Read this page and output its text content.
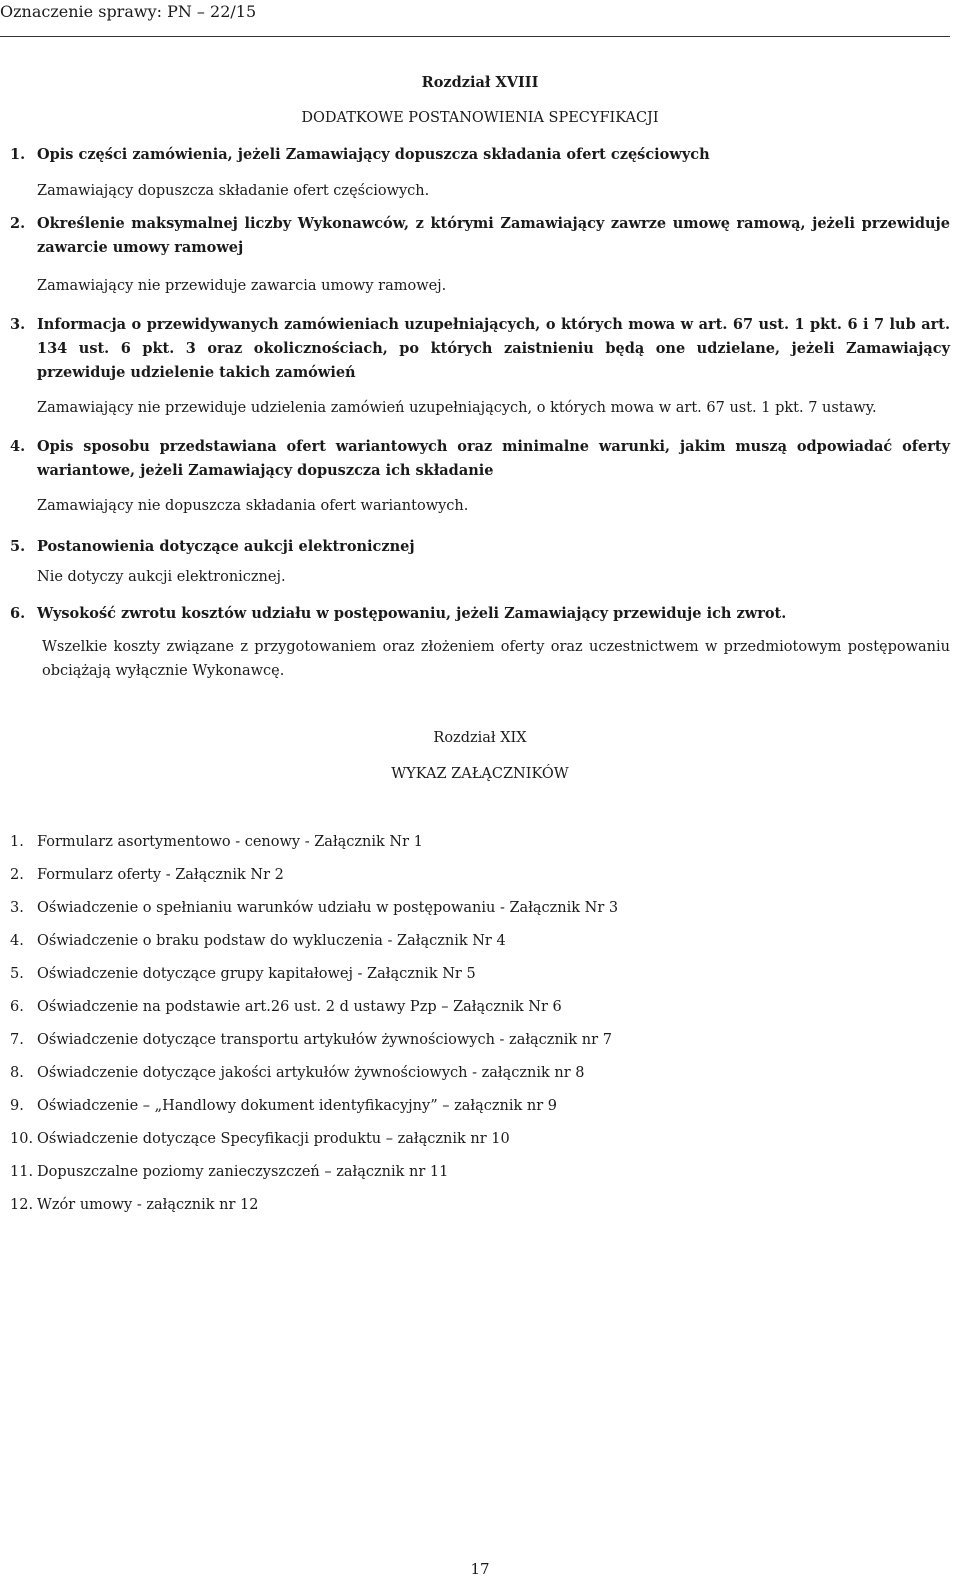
Oznaczenie sprawy: PN – 22/15
Rozdział XVIII
DODATKOWE POSTANOWIENIA SPECYFIKACJI
1. Opis części zamówienia, jeżeli Zamawiający dopuszcza składania ofert częściowych
Zamawiający dopuszcza składanie ofert częściowych.
2. Określenie maksymalnej liczby Wykonawców, z którymi Zamawiający zawrze umowę ramową, jeżeli przewiduje zawarcie umowy ramowej
Zamawiający nie przewiduje zawarcia umowy ramowej.
3. Informacja o przewidywanych zamówieniach uzupełniających, o których mowa w art. 67 ust. 1 pkt. 6 i 7 lub art. 134 ust. 6 pkt. 3 oraz okolicznościach, po których zaistnieniu będą one udzielane, jeżeli Zamawiający przewiduje udzielenie takich zamówień
Zamawiający nie przewiduje udzielenia zamówień uzupełniających, o których mowa w art. 67 ust. 1 pkt. 7 ustawy.
4. Opis sposobu przedstawiana ofert wariantowych oraz minimalne warunki, jakim muszą odpowiadać oferty wariantowe, jeżeli Zamawiający dopuszcza ich składanie
Zamawiający nie dopuszcza składania ofert wariantowych.
5. Postanowienia dotyczące aukcji elektronicznej
Nie dotyczy aukcji elektronicznej.
6. Wysokość zwrotu kosztów udziału w postępowaniu, jeżeli Zamawiający przewiduje ich zwrot.
Wszelkie koszty związane z przygotowaniem oraz złożeniem oferty oraz uczestnictwem w przedmiotowym postępowaniu obciążają wyłącznie Wykonawcę.
Rozdział XIX
WYKAZ ZAŁĄCZNIKÓW
1. Formularz asortymentowo - cenowy - Załącznik Nr 1
2. Formularz oferty - Załącznik Nr 2
3. Oświadczenie o spełnianiu warunków udziału w postępowaniu - Załącznik Nr 3
4. Oświadczenie o braku podstaw do wykluczenia - Załącznik Nr 4
5. Oświadczenie dotyczące grupy kapitałowej - Załącznik Nr 5
6. Oświadczenie na podstawie art.26 ust. 2 d ustawy Pzp – Załącznik Nr 6
7. Oświadczenie dotyczące transportu artykułów żywnościowych - załącznik nr 7
8. Oświadczenie dotyczące jakości artykułów żywnościowych - załącznik nr 8
9. Oświadczenie – „Handlowy dokument identyfikacyjny” – załącznik nr 9
10. Oświadczenie dotyczące Specyfikacji produktu – załącznik nr 10
11. Dopuszczalne poziomy zanieczyszczeń – załącznik nr 11
12. Wzór umowy - załącznik nr 12
17
